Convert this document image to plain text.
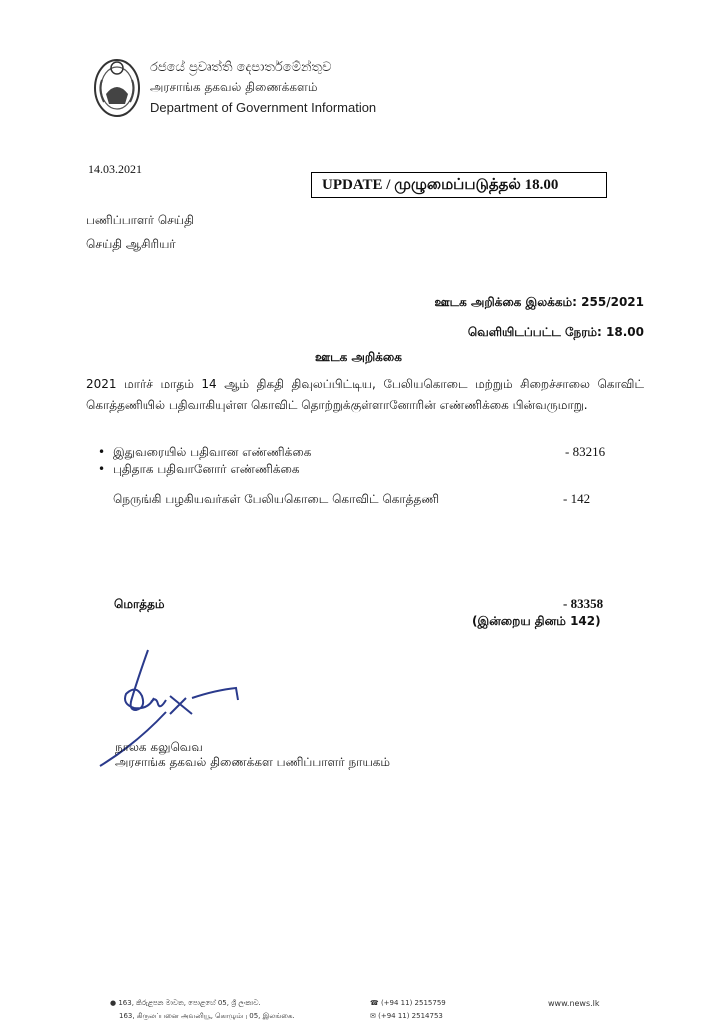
රජයේ ප්‍රවෘත්ති දෙපාර්තමේන්තුව
அரசாங்க தகவல் திணைக்களம்
Department of Government Information
14.03.2021
UPDATE / முழுமைப்படுத்தல் 18.00
பணிப்பாளர் செய்தி
செய்தி ஆசிரியர்
ஊடக அறிக்கை இலக்கம்: 255/2021
வெளியிடப்பட்ட நேரம்: 18.00
ஊடக அறிக்கை
2021 மார்ச் மாதம் 14 ஆம் திகதி திவுலப்பிட்டிய, பேலியகொடை மற்றும் சிறைச்சாலை கொவிட் கொத்தணியில் பதிவாகியுள்ள கொவிட் தொற்றுக்குள்ளானோரின் எண்ணிக்கை பின்வருமாறு.
• இதுவரையில் பதிவான எண்ணிக்கை	- 83216
• புதிதாக பதிவானோர் எண்ணிக்கை
நெருங்கி பழகியவர்கள் பேலியகொடை கொவிட் கொத்தணி	- 142
மொத்தம்	- 83358
(இன்றைய தினம் 142)
நாலக கலுவெவ
அரசாங்க தகவல் திணைக்கள பணிப்பாளர் நாயகம்
● 163, කිරුළපන මාවත, පොළහේ 05, ශ්‍රී ලංකාව.
163, கிருலப்பனை அவனியூ, கொழும்பு 05, இலங்கை.
☎ (+94 11) 2515759
✉ (+94 11) 2514753
www.news.lk
